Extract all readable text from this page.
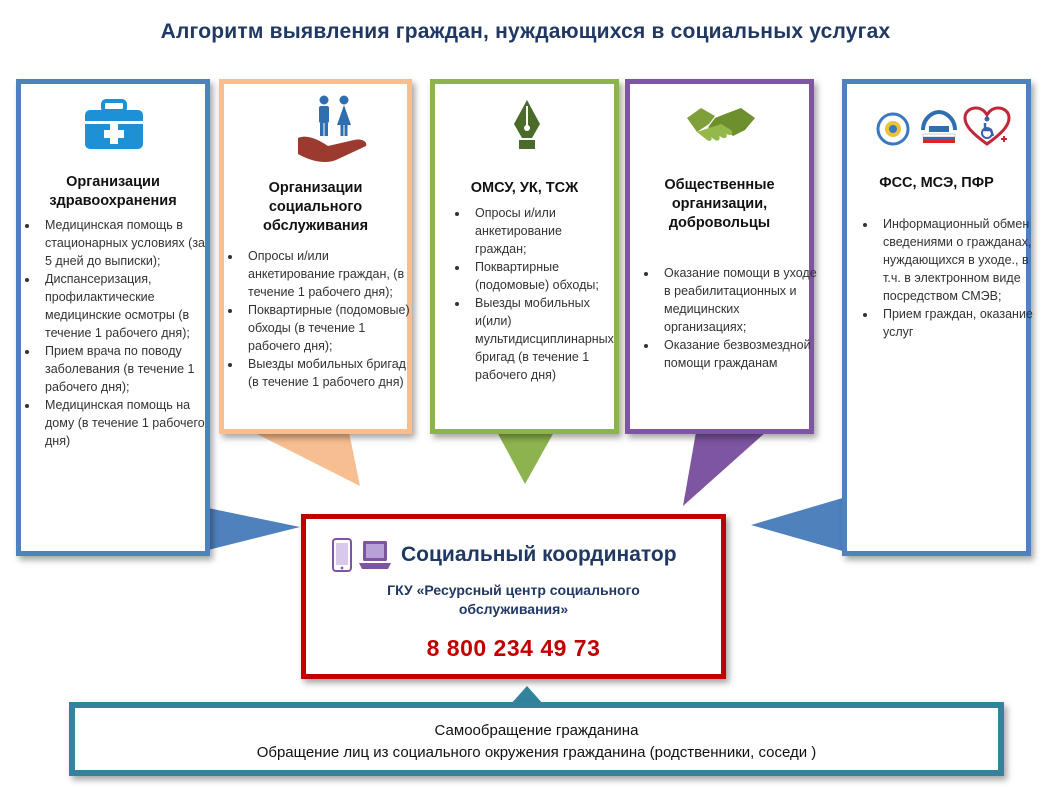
Алгоритм выявления граждан, нуждающихся в социальных услугах
Организации здравоохранения
• Медицинская помощь в стационарных условиях (за 5 дней до выписки);
• Диспансеризация, профилактические медицинские осмотры (в течение 1 рабочего дня);
• Прием врача по поводу заболевания (в течение 1 рабочего дня);
• Медицинская помощь на дому (в течение 1 рабочего дня)
Организации социального обслуживания
• Опросы и/или анкетирование граждан, (в течение 1 рабочего дня);
• Поквартирные (подомовые) обходы (в течение 1 рабочего дня);
• Выезды мобильных бригад (в течение 1 рабочего дня)
ОМСУ, УК, ТСЖ
• Опросы и/или анкетирование граждан;
• Поквартирные (подомовые) обходы;
• Выезды мобильных и(или) мультидисциплинарных бригад (в течение 1 рабочего дня)
Общественные организации, добровольцы
• Оказание помощи в уходе в реабилитационных и медицинских организациях;
• Оказание безвозмездной помощи гражданам
ФСС, МСЭ, ПФР
• Информационный обмен сведениями о гражданах, нуждающихся в уходе., в т.ч. в электронном виде посредством СМЭВ;
• Прием граждан, оказание услуг
Социальный координатор
ГКУ «Ресурсный центр социального обслуживания»
8 800 234 49 73
Самообращение гражданина
Обращение лиц из социального окружения гражданина (родственники, соседи )
